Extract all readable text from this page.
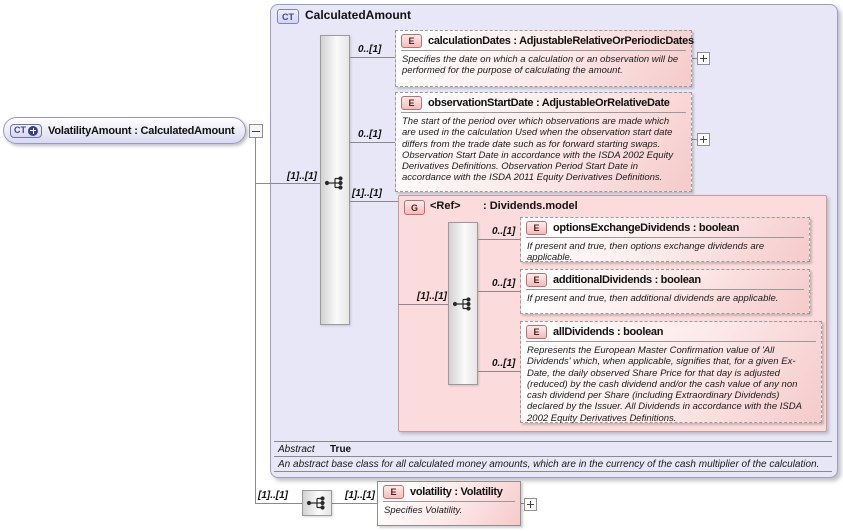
CT CalculatedAmount
Abstract True
An abstract base class for all calculated money amounts, which are in the currency of the cash multiplier of the calculation.
G	<Ref> : Dividends.model
[1]..[1]
0..[1]
0..[1]
[1]..[1]
[1]..[1]
0..[1]
0..[1]
0..[1]
[1]..[1]	[1]..[1]
E	calculationDates : AdjustableRelativeOrPeriodicDates
Specifies the date on which a calculation or an observation will be performed for the purpose of calculating the amount.
E	observationStartDate : AdjustableOrRelativeDate
The start of the period over which observations are made which are used in the calculation Used when the observation start date differs from the trade date such as for forward starting swaps. Observation Start Date in accordance with the ISDA 2002 Equity Derivatives Definitions. Observation Period Start Date in accordance with the ISDA 2011 Equity Derivatives Definitions.
E	optionsExchangeDividends : boolean
If present and true, then options exchange dividends are applicable.
E	additionalDividends : boolean
If present and true, then additional dividends are applicable.
E	allDividends : boolean
Represents the European Master Confirmation value of 'All Dividends' which, when applicable, signifies that, for a given Ex-Date, the daily observed Share Price for that day is adjusted (reduced) by the cash dividend and/or the cash value of any non cash dividend per Share (including Extraordinary Dividends) declared by the Issuer. All Dividends in accordance with the ISDA 2002 Equity Derivatives Definitions.
CT VolatilityAmount : CalculatedAmount
E	volatility : Volatility
Specifies Volatility.
